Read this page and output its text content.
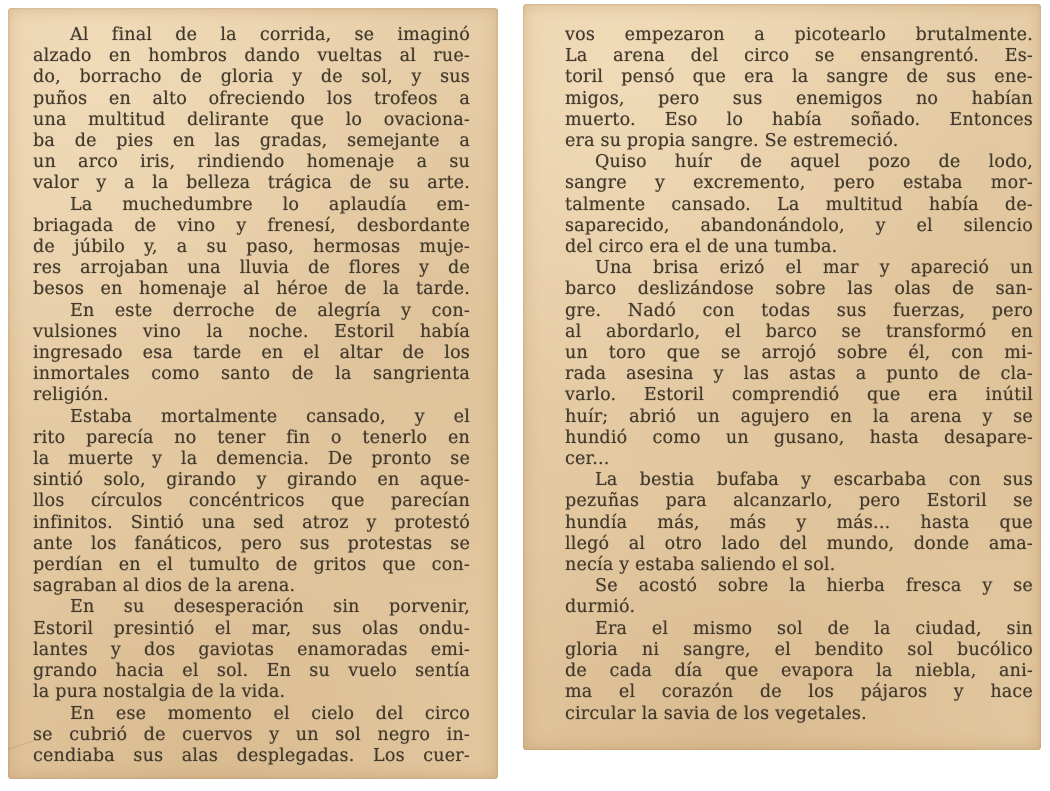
Al final de la corrida, se imaginó
alzado en hombros dando vueltas al rue-
do, borracho de gloria y de sol, y sus
puños en alto ofreciendo los trofeos a
una multitud delirante que lo ovaciona-
ba de pies en las gradas, semejante a
un arco iris, rindiendo homenaje a su
valor y a la belleza trágica de su arte.
La muchedumbre lo aplaudía em-
briagada de vino y frenesí, desbordante
de júbilo y, a su paso, hermosas muje-
res arrojaban una lluvia de flores y de
besos en homenaje al héroe de la tarde.
En este derroche de alegría y con-
vulsiones vino la noche. Estoril había
ingresado esa tarde en el altar de los
inmortales como santo de la sangrienta
religión.
Estaba mortalmente cansado, y el
rito parecía no tener fin o tenerlo en
la muerte y la demencia. De pronto se
sintió solo, girando y girando en aque-
llos círculos concéntricos que parecían
infinitos. Sintió una sed atroz y protestó
ante los fanáticos, pero sus protestas se
perdían en el tumulto de gritos que con-
sagraban al dios de la arena.
En su desesperación sin porvenir,
Estoril presintió el mar, sus olas ondu-
lantes y dos gaviotas enamoradas emi-
grando hacia el sol. En su vuelo sentía
la pura nostalgia de la vida.
En ese momento el cielo del circo
se cubrió de cuervos y un sol negro in-
cendiaba sus alas desplegadas. Los cuer-
vos empezaron a picotearlo brutalmente.
La arena del circo se ensangrentó. Es-
toril pensó que era la sangre de sus ene-
migos, pero sus enemigos no habían
muerto. Eso lo había soñado. Entonces
era su propia sangre. Se estremeció.
Quiso huír de aquel pozo de lodo,
sangre y excremento, pero estaba mor-
talmente cansado. La multitud había de-
saparecido, abandonándolo, y el silencio
del circo era el de una tumba.
Una brisa erizó el mar y apareció un
barco deslizándose sobre las olas de san-
gre. Nadó con todas sus fuerzas, pero
al abordarlo, el barco se transformó en
un toro que se arrojó sobre él, con mi-
rada asesina y las astas a punto de cla-
varlo. Estoril comprendió que era inútil
huír; abrió un agujero en la arena y se
hundió como un gusano, hasta desapare-
cer...
La bestia bufaba y escarbaba con sus
pezuñas para alcanzarlo, pero Estoril se
hundía más, más y más... hasta que
llegó al otro lado del mundo, donde ama-
necía y estaba saliendo el sol.
Se acostó sobre la hierba fresca y se
durmió.
Era el mismo sol de la ciudad, sin
gloria ni sangre, el bendito sol bucólico
de cada día que evapora la niebla, ani-
ma el corazón de los pájaros y hace
circular la savia de los vegetales.
